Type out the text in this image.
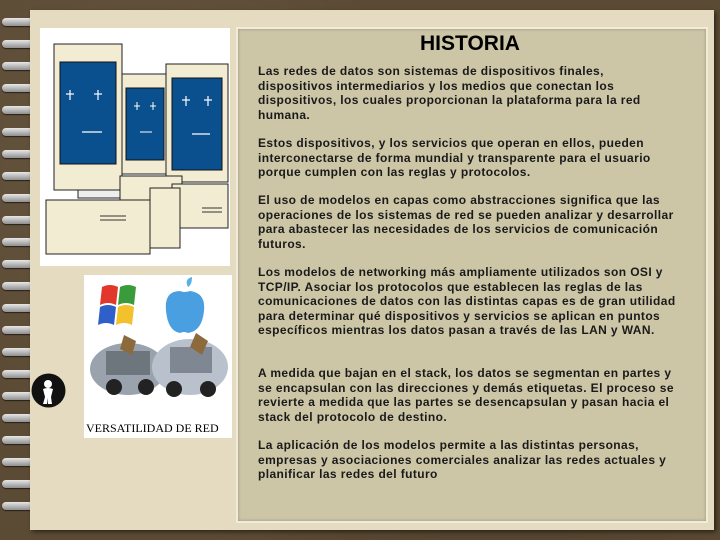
VERSATILIDAD DE RED
HISTORIA

Las redes de datos son sistemas de dispositivos finales, dispositivos intermediarios y los medios que conectan los dispositivos, los cuales proporcionan la plataforma para la red humana.

Estos dispositivos, y los servicios que operan en ellos, pueden interconectarse de forma mundial y transparente para el usuario porque cumplen con las reglas y protocolos.

El uso de modelos en capas como abstracciones significa que las operaciones de los sistemas de red se pueden analizar y desarrollar para abastecer las necesidades de los servicios de comunicación futuros.

Los modelos de networking más ampliamente utilizados son OSI y TCP/IP. Asociar los protocolos que establecen las reglas de las comunicaciones de datos con las distintas capas es de gran utilidad para determinar qué dispositivos y servicios se aplican en puntos específicos mientras los datos pasan a través de las LAN y WAN.

A medida que bajan en el stack, los datos se segmentan en partes y se encapsulan con las direcciones y demás etiquetas. El proceso se revierte a medida que las partes se desencapsulan y pasan hacia el stack del protocolo de destino.

La aplicación de los modelos permite a las distintas personas, empresas y asociaciones comerciales analizar las redes actuales y planificar las redes del futuro
